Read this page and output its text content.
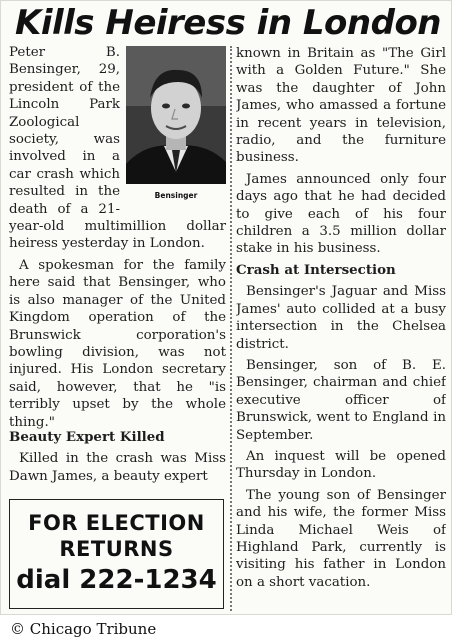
Kills Heiress in London
Bensinger

Peter B. Bensinger, 29, president of the Lincoln Park Zoological society, was involved in a car crash which resulted in the death of a 21-year-old multimillion dollar heiress yesterday in London.

A spokesman for the family here said that Bensinger, who is also manager of the United Kingdom operation of the Brunswick corporation's bowling division, was not injured. His London secretary said, however, that he "is terribly upset by the whole thing."

Beauty Expert Killed

Killed in the crash was Miss Dawn James, a beauty expert

known in Britain as "The Girl with a Golden Future." She was the daughter of John James, who amassed a fortune in recent years in television, radio, and the furniture business.

James announced only four days ago that he had decided to give each of his four children a 3.5 million dollar stake in his business.

Crash at Intersection

Bensinger's Jaguar and Miss James' auto collided at a busy intersection in the Chelsea district.

Bensinger, son of B. E. Bensinger, chairman and chief executive officer of Brunswick, went to England in September.

An inquest will be opened Thursday in London.

The young son of Bensinger and his wife, the former Miss Linda Michael Weis of Highland Park, currently is visiting his father in London on a short vacation.

FOR ELECTION
RETURNS
dial 222-1234
© Chicago Tribune
